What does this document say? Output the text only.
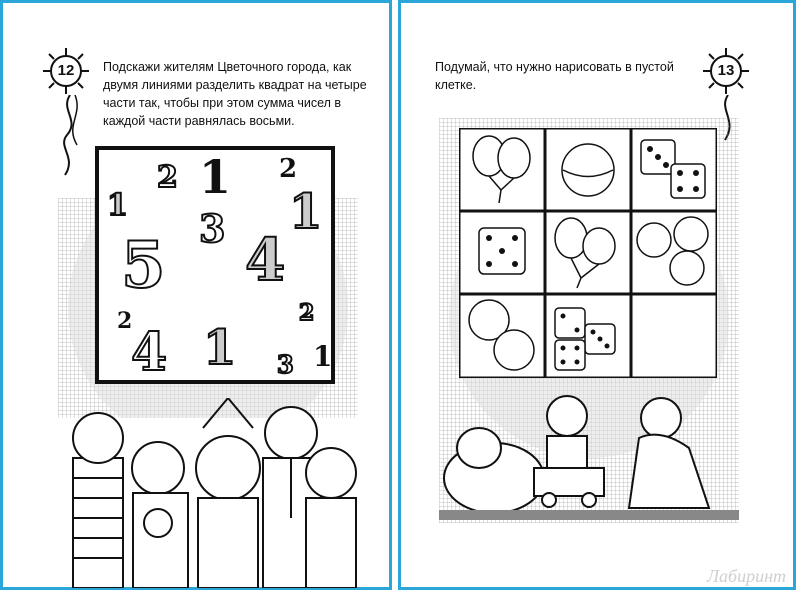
12	Подскажи жителям Цветочного города, как двумя линиями разделить квадрат на четыре части так, чтобы при этом сумма чисел в каждой части равнялась восьми.
1
2 1 2
3 1
5 4
2	2
4 1 3 1
Подумай, что нужно нарисовать в пустой клетке.
13
Лабиринт
